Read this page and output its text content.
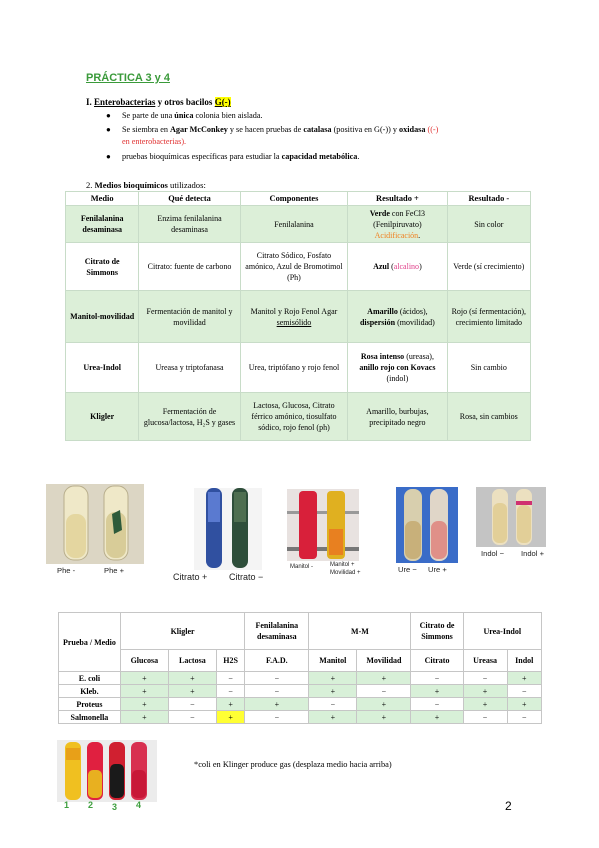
PRÁCTICA 3 y 4
I. Enterobacterias y otros bacilos G(-)
● Se parte de una única colonia bien aislada.
● Se siembra en Agar McConkey y se hacen pruebas de catalasa (positiva en G(-)) y oxidasa ((-)
en enterobacterias).
● pruebas bioquímicas específicas para estudiar la capacidad metabólica.
2. Medios bioquímicos utilizados:
Medio	Qué detecta	Componentes	Resultado +	Resultado -
Fenilalanina desaminasa	Enzima fenilalanina desaminasa	Fenilalanina	Verde con FeCl3 (Fenilpiruvato) Acidificación.	Sin color
Citrato de Simmons	Citrato: fuente de carbono	Citrato Sódico, Fosfato amónico, Azul de Bromotimol (Ph)	Azul (alcalino)	Verde (sí crecimiento)
Manitol-movilidad	Fermentación de manitol y movilidad	Manitol y Rojo Fenol Agar semisólido	Amarillo (ácidos), dispersión (movilidad)	Rojo (sí fermentación), crecimiento limitado
Urea-Indol	Ureasa y triptofanasa	Urea, triptófano y rojo fenol	Rosa intenso (ureasa), anillo rojo con Kovacs (indol)	Sin cambio
Kligler	Fermentación de glucosa/lactosa, H₂S y gases	Lactosa, Glucosa, Citrato férrico amónico, tiosulfato sódico, rojo fenol (ph)	Amarillo, burbujas, precipitado negro	Rosa, sin cambios
Phe -	Phe +
Citrato + Citrato −
Manitol -	Manitol +
Movilidad +	Ure − Ure +
Indol − Indol +
Prueba / Medio	Kligler			Fenilalanina desaminasa	M-M		Citrato de Simmons	Urea-Indol	
	Glucosa	Lactosa	H2S	F.A.D.	Manitol	Movilidad	Citrato	Ureasa	Indol
E. coli	+	+	−	−	+	+	−	−	+
Kleb.	+	+	−	−	+	−	+	+	−
Proteus	+	−	+	+	−	+	−	+	+
Salmonella	+	−	+	−	+	+	+	−	−
1 2 3 4
*coli en Klinger produce gas (desplaza medio hacia arriba)
2
